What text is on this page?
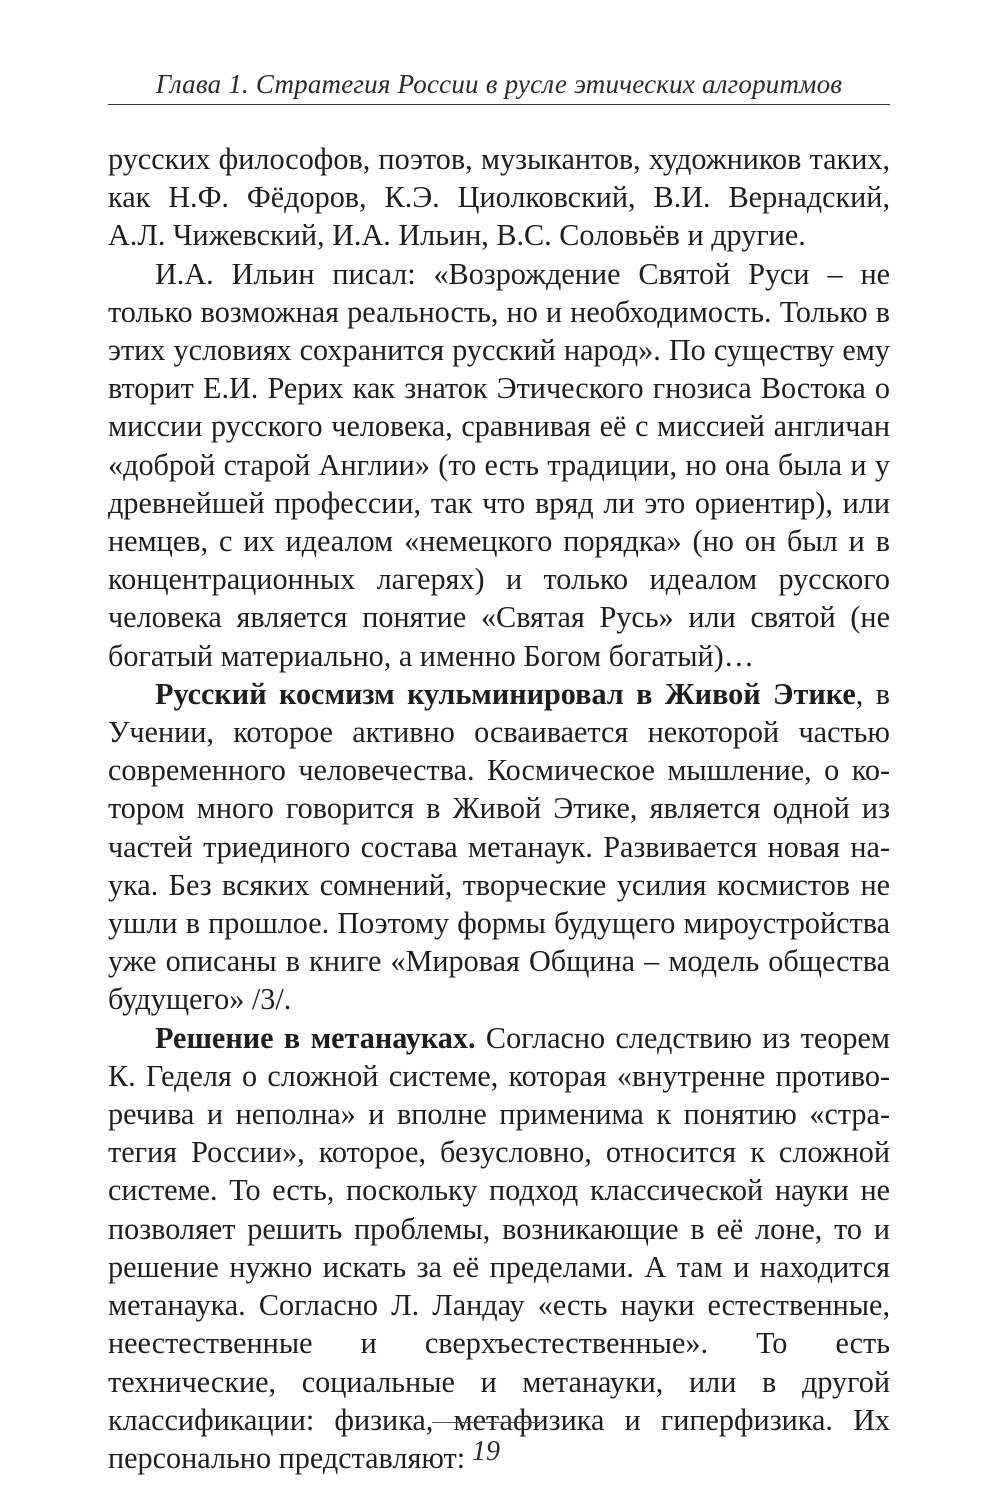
Глава 1. Стратегия России в русле этических алгоритмов

русских философов, поэтов, музыкантов, художников таких, как Н.Ф. Фёдоров, К.Э. Циолковский, В.И. Вернадский, А.Л. Чижевский, И.А. Ильин, В.С. Соловьёв и другие.

И.А. Ильин писал: «Возрождение Святой Руси – не только возможная реальность, но и необходимость. Только в этих условиях сохранится русский народ». По существу ему вторит Е.И. Рерих как знаток Этического гнозиса Востока о миссии русского человека, сравнивая её с миссией англичан «доброй старой Англии» (то есть традиции, но она была и у древнейшей профессии, так что вряд ли это ориентир), или немцев, с их идеалом «немецкого порядка» (но он был и в концентрационных лагерях) и только идеалом русского человека является понятие «Святая Русь» или святой (не богатый материально, а именно Богом богатый)…

Русский космизм кульминировал в Живой Этике, в Учении, которое активно осваивается некоторой частью современного человечества. Космическое мышление, о котором много говорится в Живой Этике, является одной из частей триединого состава метанаук. Развивается новая наука. Без всяких сомнений, творческие усилия космистов не ушли в прошлое. Поэтому формы будущего мироустройства уже описаны в книге «Мировая Община – модель общества будущего» /3/.

Решение в метанауках. Согласно следствию из теорем К. Геделя о сложной системе, которая «внутренне противоречива и неполна» и вполне применима к понятию «стратегия России», которое, безусловно, относится к сложной системе. То есть, поскольку подход классической науки не позволяет решить проблемы, возникающие в её лоне, то и решение нужно искать за её пределами. А там и находится метанаука. Согласно Л. Ландау «есть науки естественные, неестественные и сверхъестественные». То есть технические, социальные и метанауки, или в другой классификации: физика, метафизика и гиперфизика. Их персонально представляют: 19
